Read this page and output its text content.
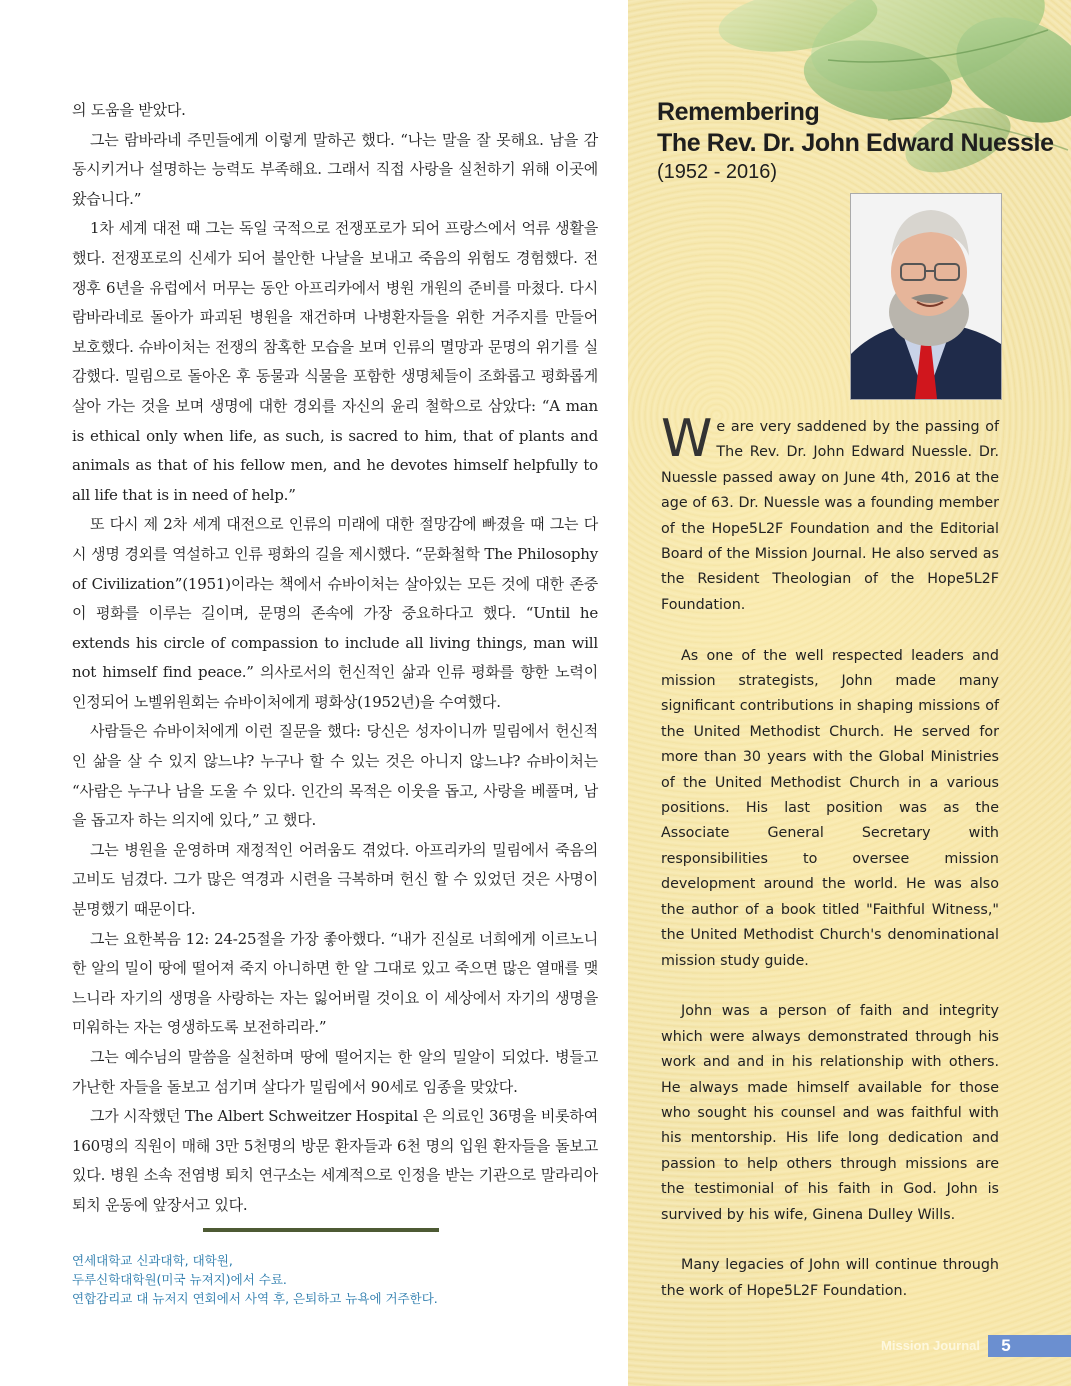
의 도움을 받았다.

그는 람바라네 주민들에게 이렇게 말하곤 했다. “나는 말을 잘 못해요. 남을 감동시키거나 설명하는 능력도 부족해요. 그래서 직접 사랑을 실천하기 위해 이곳에 왔습니다.”

1차 세계 대전 때 그는 독일 국적으로 전쟁포로가 되어 프랑스에서 억류 생활을 했다. 전쟁포로의 신세가 되어 불안한 나날을 보내고 죽음의 위험도 경험했다. 전쟁후 6년을 유럽에서 머무는 동안 아프리카에서 병원 개원의 준비를 마쳤다. 다시 람바라네로 돌아가 파괴된 병원을 재건하며 나병환자들을 위한 거주지를 만들어 보호했다. 슈바이처는 전쟁의 참혹한 모습을 보며 인류의 멸망과 문명의 위기를 실감했다. 밀림으로 돌아온 후 동물과 식물을 포함한 생명체들이 조화롭고 평화롭게 살아 가는 것을 보며 생명에 대한 경외를 자신의 윤리 철학으로 삼았다: “A man is ethical only when life, as such, is sacred to him, that of plants and animals as that of his fellow men, and he devotes himself helpfully to all life that is in need of help.”

또 다시 제 2차 세계 대전으로 인류의 미래에 대한 절망감에 빠졌을 때 그는 다시 생명 경외를 역설하고 인류 평화의 길을 제시했다. “문화철학 The Philosophy of Civilization”(1951)이라는 책에서 슈바이처는 살아있는 모든 것에 대한 존중이 평화를 이루는 길이며, 문명의 존속에 가장 중요하다고 했다. “Until he extends his circle of compassion to include all living things, man will not himself find peace.” 의사로서의 헌신적인 삶과 인류 평화를 향한 노력이 인정되어 노벨위원회는 슈바이처에게 평화상(1952년)을 수여했다.

사람들은 슈바이처에게 이런 질문을 했다: 당신은 성자이니까 밀림에서 헌신적인 삶을 살 수 있지 않느냐? 누구나 할 수 있는 것은 아니지 않느냐? 슈바이처는 “사람은 누구나 남을 도울 수 있다. 인간의 목적은 이웃을 돕고, 사랑을 베풀며, 남을 돕고자 하는 의지에 있다,” 고 했다.

그는 병원을 운영하며 재정적인 어려움도 겪었다. 아프리카의 밀림에서 죽음의 고비도 넘겼다. 그가 많은 역경과 시련을 극복하며 헌신 할 수 있었던 것은 사명이 분명했기 때문이다.

그는 요한복음 12: 24-25절을 가장 좋아했다. “내가 진실로 너희에게 이르노니 한 알의 밀이 땅에 떨어져 죽지 아니하면 한 알 그대로 있고 죽으면 많은 열매를 맺느니라 자기의 생명을 사랑하는 자는 잃어버릴 것이요 이 세상에서 자기의 생명을 미워하는 자는 영생하도록 보전하리라.”

그는 예수님의 말씀을 실천하며 땅에 떨어지는 한 알의 밀알이 되었다. 병들고 가난한 자들을 돌보고 섬기며 살다가 밀림에서 90세로 임종을 맞았다.

그가 시작했던 The Albert Schweitzer Hospital 은 의료인 36명을 비롯하여 160명의 직원이 매해 3만 5천명의 방문 환자들과 6천 명의 입원 환자들을 돌보고 있다. 병원 소속 전염병 퇴치 연구소는 세계적으로 인정을 받는 기관으로 말라리아 퇴치 운동에 앞장서고 있다.

연세대학교 신과대학, 대학원,
두루신학대학원(미국 뉴져지)에서 수료.
연합감리교 대 뉴저지 연회에서 사역 후, 은퇴하고 뉴욕에 거주한다.
Remembering
The Rev. Dr. John Edward Nuessle
(1952 - 2016)

We are very saddened by the passing of The Rev. Dr. John Edward Nuessle. Dr. Nuessle passed away on June 4th, 2016 at the age of 63. Dr. Nuessle was a founding member of the Hope5L2F Foundation and the Editorial Board of the Mission Journal. He also served as the Resident Theologian of the Hope5L2F Foundation.

As one of the well respected leaders and mission strategists, John made many significant contributions in shaping missions of the United Methodist Church. He served for more than 30 years with the Global Ministries of the United Methodist Church in a various positions. His last position was as the Associate General Secretary with responsibilities to oversee mission development around the world. He was also the author of a book titled "Faithful Witness," the United Methodist Church's denominational mission study guide.

John was a person of faith and integrity which were always demonstrated through his work and and in his relationship with others. He always made himself available for those who sought his counsel and was faithful with his mentorship. His life long dedication and passion to help others through missions are the testimonial of his faith in God. John is survived by his wife, Ginena Dulley Wills.

Many legacies of John will continue through the work of Hope5L2F Foundation.

Mission Journal	5
